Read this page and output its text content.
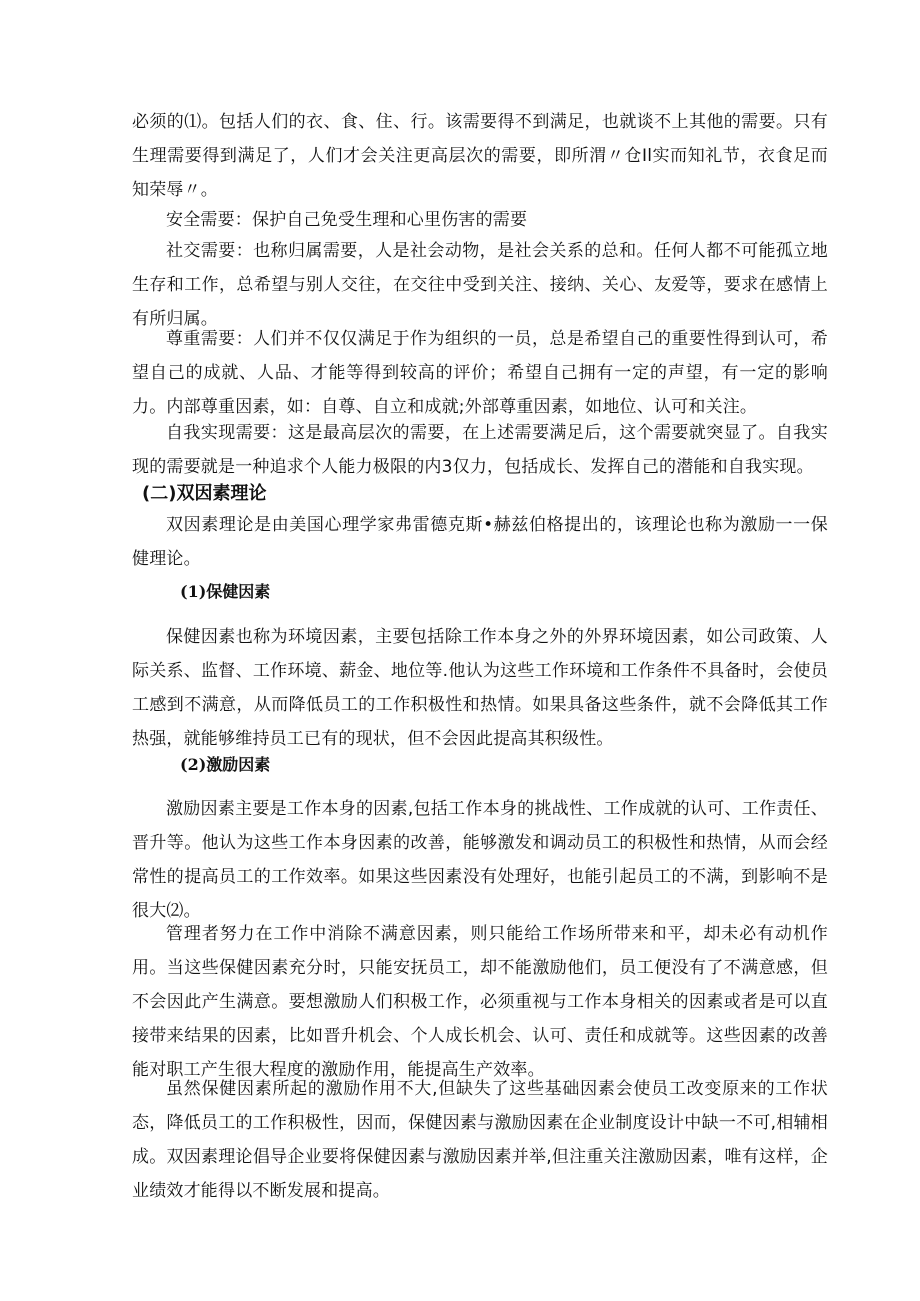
必须的⑴。包括人们的衣、食、住、行。该需要得不到满足，也就谈不上其他的需要。只有生理需要得到满足了，人们才会关注更高层次的需要，即所渭〃仓Il实而知礼节，衣食足而知荣辱〃。

安全需要：保护自己免受生理和心里伤害的需要

社交需要：也称归属需要，人是社会动物，是社会关系的总和。任何人都不可能孤立地生存和工作，总希望与别人交往，在交往中受到关注、接纳、关心、友爱等，要求在感情上有所归属。

尊重需要：人们并不仅仅满足于作为组织的一员，总是希望自己的重要性得到认可，希望自己的成就、人品、才能等得到较高的评价；希望自己拥有一定的声望，有一定的影响力。内部尊重因素，如：自尊、自立和成就;外部尊重因素，如地位、认可和关注。

自我实现需要：这是最高层次的需要，在上述需要满足后，这个需要就突显了。自我实现的需要就是一种追求个人能力极限的内3仅力，包括成长、发挥自己的潜能和自我实现。

(二)双因素理论

双因素理论是由美国心理学家弗雷德克斯•赫兹伯格提出的，该理论也称为激励一一保健理论。

(1)保健因素

保健因素也称为环境因素，主要包括除工作本身之外的外界环境因素，如公司政策、人际关系、监督、工作环境、薪金、地位等.他认为这些工作环境和工作条件不具备时，会使员工感到不满意，从而降低员工的工作积极性和热情。如果具备这些条件，就不会降低其工作热强，就能够维持员工已有的现状，但不会因此提高其积级性。

(2)激励因素

激励因素主要是工作本身的因素,包括工作本身的挑战性、工作成就的认可、工作责任、晋升等。他认为这些工作本身因素的改善，能够激发和调动员工的积极性和热情，从而会经常性的提高员工的工作效率。如果这些因素没有处理好，也能引起员工的不满，到影响不是很大⑵。

管理者努力在工作中消除不满意因素，则只能给工作场所带来和平，却未必有动机作用。当这些保健因素充分时，只能安抚员工，却不能激励他们，员工便没有了不满意感，但不会因此产生满意。要想激励人们积极工作，必须重视与工作本身相关的因素或者是可以直接带来结果的因素，比如晋升机会、个人成长机会、认可、责任和成就等。这些因素的改善能对职工产生很大程度的激励作用，能提高生产效率。

虽然保健因素所起的激励作用不大,但缺失了这些基础因素会使员工改变原来的工作状态，降低员工的工作积极性，因而，保健因素与激励因素在企业制度设计中缺一不可,相辅相成。双因素理论倡导企业要将保健因素与激励因素并举,但注重关注激励因素，唯有这样，企业绩效才能得以不断发展和提高。
